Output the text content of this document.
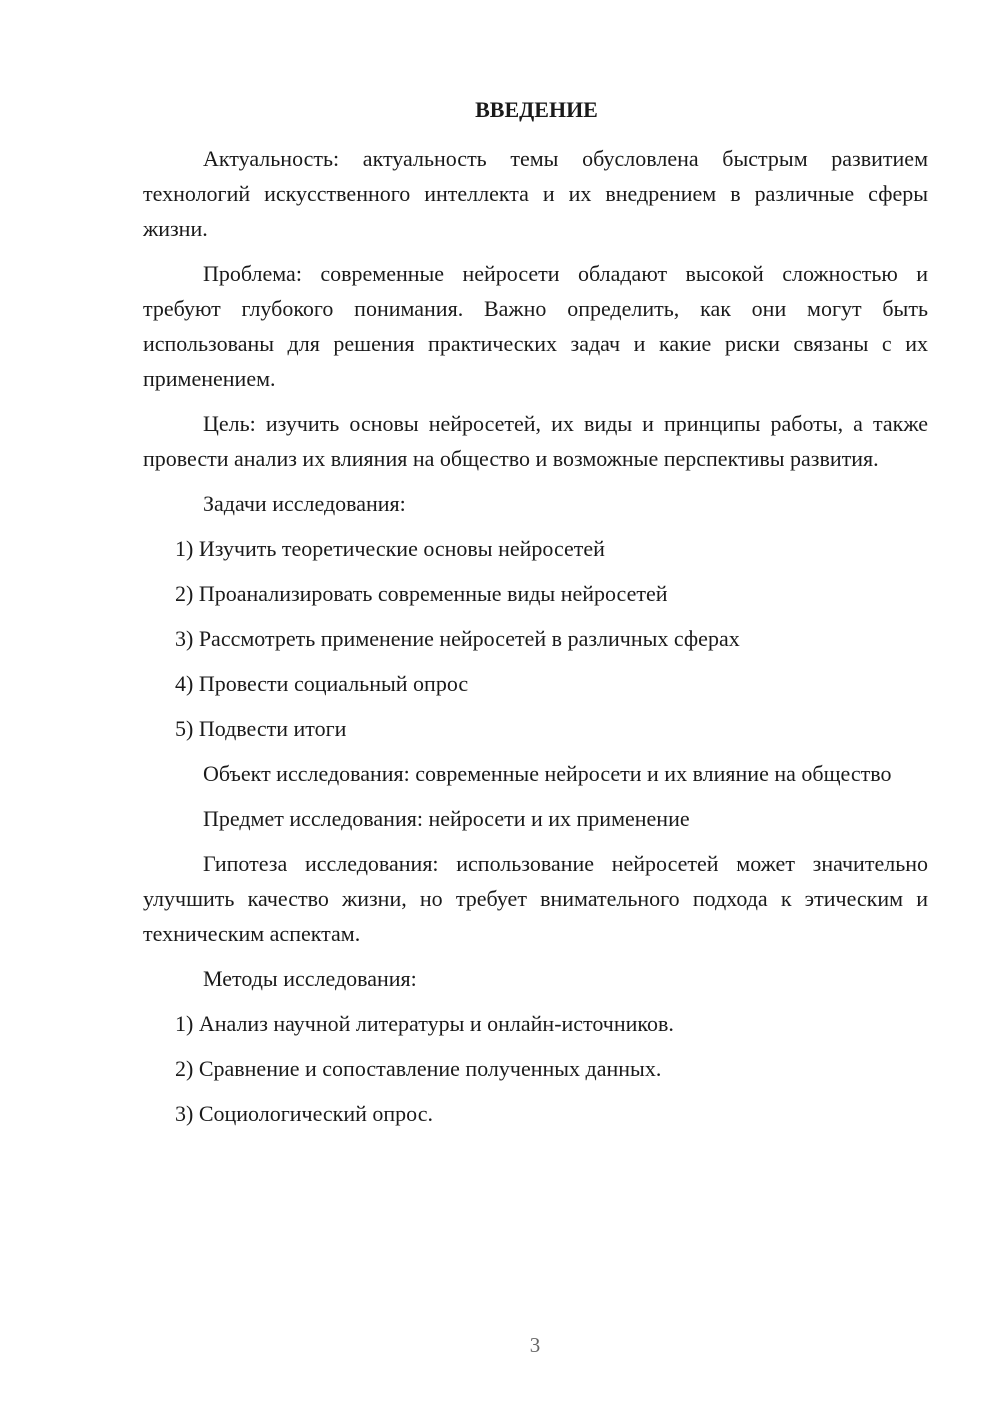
ВВЕДЕНИЕ

Актуальность: актуальность темы обусловлена быстрым развитием технологий искусственного интеллекта и их внедрением в различные сферы жизни.

Проблема: современные нейросети обладают высокой сложностью и требуют глубокого понимания. Важно определить, как они могут быть использованы для решения практических задач и какие риски связаны с их применением.

Цель: изучить основы нейросетей, их виды и принципы работы, а также провести анализ их влияния на общество и возможные перспективы развития.

Задачи исследования:

1) Изучить теоретические основы нейросетей
2) Проанализировать современные виды нейросетей
3) Рассмотреть применение нейросетей в различных сферах
4) Провести социальный опрос
5) Подвести итоги

Объект исследования: современные нейросети и их влияние на общество

Предмет исследования: нейросети и их применение

Гипотеза исследования: использование нейросетей может значительно улучшить качество жизни, но требует внимательного подхода к этическим и техническим аспектам.

Методы исследования:

1) Анализ научной литературы и онлайн-источников.
2) Сравнение и сопоставление полученных данных.
3) Социологический опрос.
3
